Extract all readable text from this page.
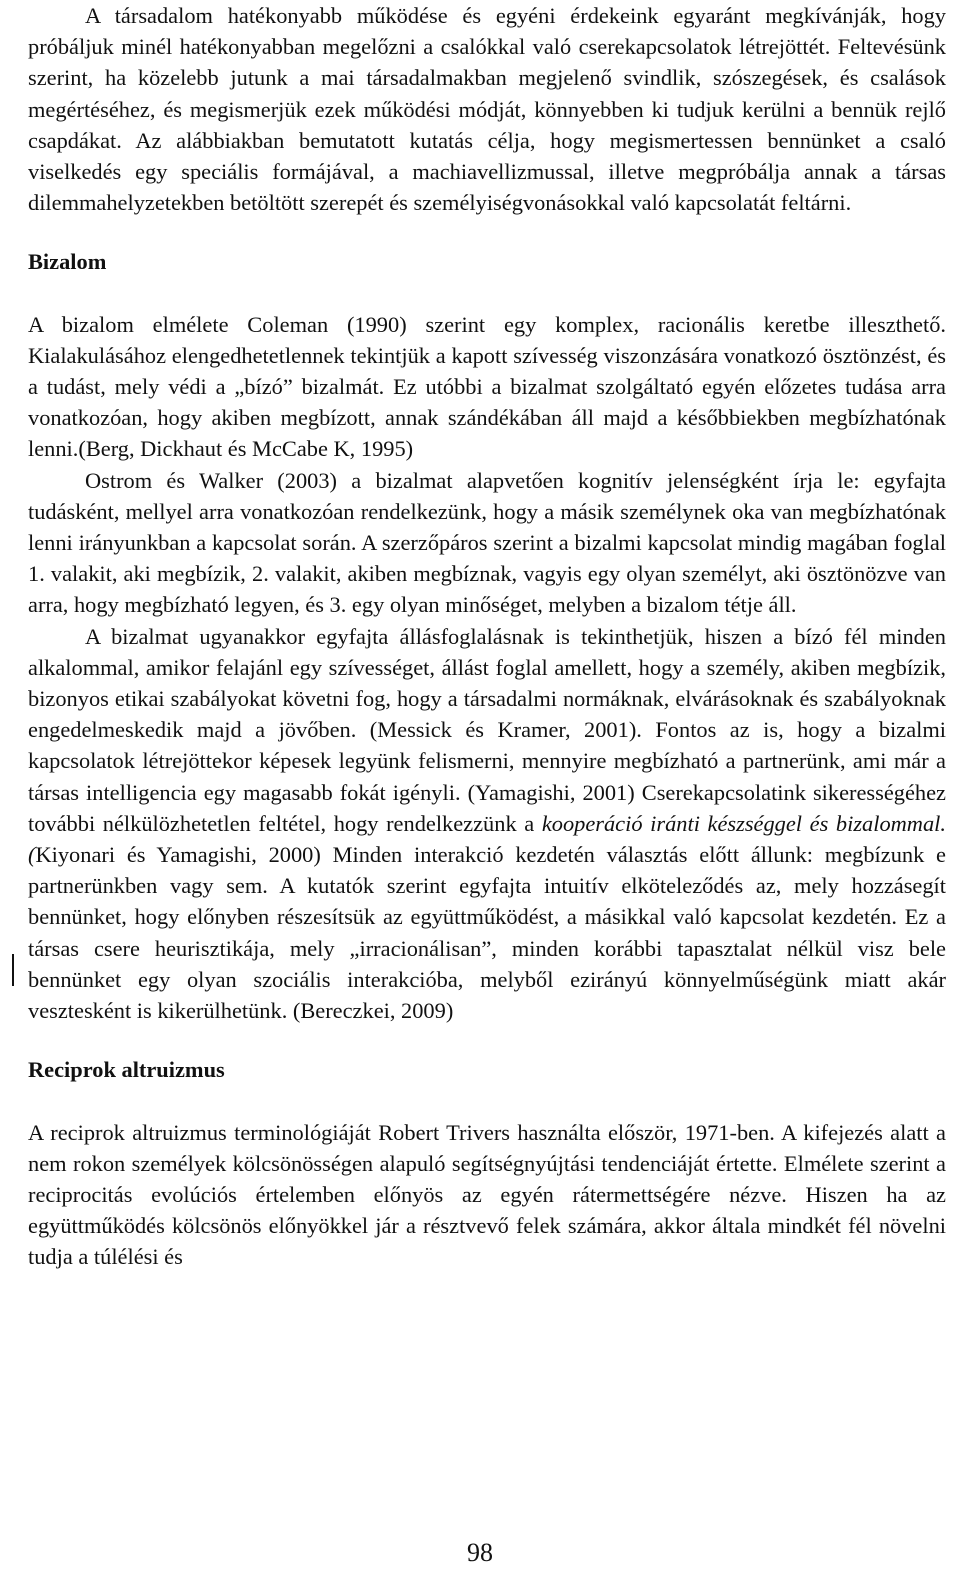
A társadalom hatékonyabb működése és egyéni érdekeink egyaránt megkívánják, hogy próbáljuk minél hatékonyabban megelőzni a csalókkal való cserekapcsolatok létrejöttét. Feltevésünk szerint, ha közelebb jutunk a mai társadalmakban megjelenő svindlik, szószegések, és csalások megértéséhez, és megismerjük ezek működési módját, könnyebben ki tudjuk kerülni a bennük rejlő csapdákat. Az alábbiakban bemutatott kutatás célja, hogy megismertessen bennünket a csaló viselkedés egy speciális formájával, a machiavellizmussal, illetve megpróbálja annak a társas dilemmahelyzetekben betöltött szerepét és személyiségvonásokkal való kapcsolatát feltárni.

Bizalom

A bizalom elmélete Coleman (1990) szerint egy komplex, racionális keretbe illeszthető. Kialakulásához elengedhetetlennek tekintjük a kapott szívesség viszonzására vonatkozó ösztönzést, és a tudást, mely védi a „bízó” bizalmát. Ez utóbbi a bizalmat szolgáltató egyén előzetes tudása arra vonatkozóan, hogy akiben megbízott, annak szándékában áll majd a későbbiekben megbízhatónak lenni.(Berg, Dickhaut és McCabe K, 1995)

Ostrom és Walker (2003) a bizalmat alapvetően kognitív jelenségként írja le: egyfajta tudásként, mellyel arra vonatkozóan rendelkezünk, hogy a másik személynek oka van megbízhatónak lenni irányunkban a kapcsolat során. A szerzőpáros szerint a bizalmi kapcsolat mindig magában foglal 1. valakit, aki megbízik, 2. valakit, akiben megbíznak, vagyis egy olyan személyt, aki ösztönözve van arra, hogy megbízható legyen, és 3. egy olyan minőséget, melyben a bizalom tétje áll.

A bizalmat ugyanakkor egyfajta állásfoglalásnak is tekinthetjük, hiszen a bízó fél minden alkalommal, amikor felajánl egy szívességet, állást foglal amellett, hogy a személy, akiben megbízik, bizonyos etikai szabályokat követni fog, hogy a társadalmi normáknak, elvárásoknak és szabályoknak engedelmeskedik majd a jövőben. (Messick és Kramer, 2001). Fontos az is, hogy a bizalmi kapcsolatok létrejöttekor képesek legyünk felismerni, mennyire megbízható a partnerünk, ami már a társas intelligencia egy magasabb fokát igényli. (Yamagishi, 2001) Cserekapcsolatink sikerességéhez további nélkülözhetetlen feltétel, hogy rendelkezzünk a kooperáció iránti készséggel és bizalommal. (Kiyonari és Yamagishi, 2000) Minden interakció kezdetén választás előtt állunk: megbízunk e partnerünkben vagy sem. A kutatók szerint egyfajta intuitív elköteleződés az, mely hozzásegít bennünket, hogy előnyben részesítsük az együttműködést, a másikkal való kapcsolat kezdetén. Ez a társas csere heurisztikája, mely „irracionálisan”, minden korábbi tapasztalat nélkül visz bele bennünket egy olyan szociális interakcióba, melyből ezirányú könnyelműségünk miatt akár vesztesként is kikerülhetünk. (Bereczkei, 2009)

Reciprok altruizmus

A reciprok altruizmus terminológiáját Robert Trivers használta először, 1971-ben. A kifejezés alatt a nem rokon személyek kölcsönösségen alapuló segítségnyújtási tendenciáját értette. Elmélete szerint a reciprocitás evolúciós értelemben előnyös az egyén rátermettségére nézve. Hiszen ha az együttműködés kölcsönös előnyökkel jár a résztvevő felek számára, akkor általa mindkét fél növelni tudja a túlélési és

98
